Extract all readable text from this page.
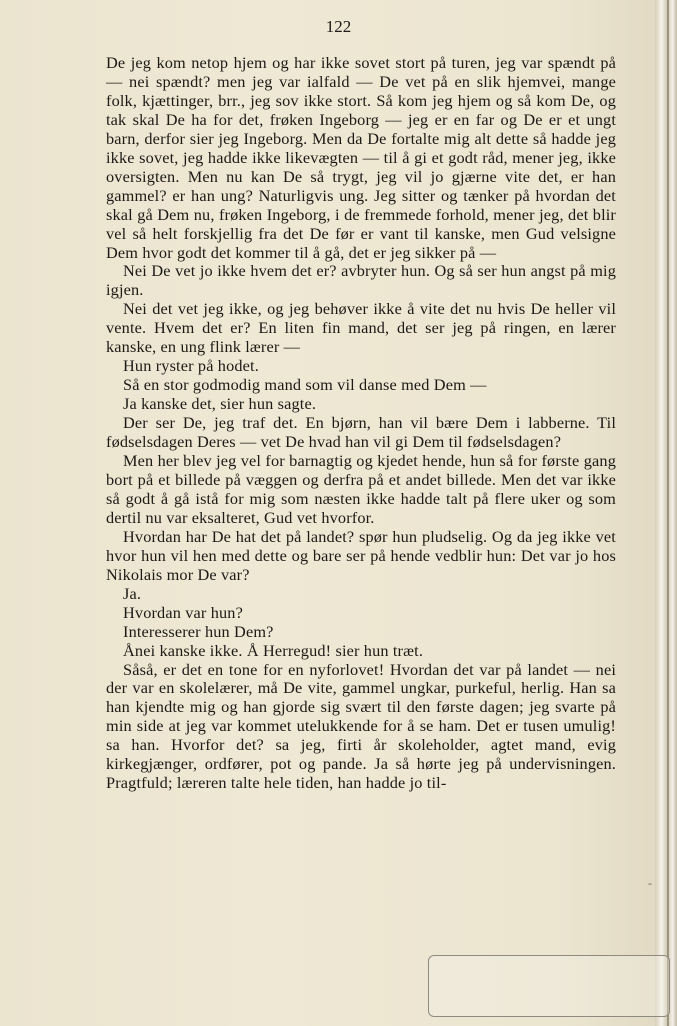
122

De jeg kom netop hjem og har ikke sovet stort på turen, jeg var spændt på — nei spændt? men jeg var ialfald — De vet på en slik hjemvei, mange folk, kjættinger, brr., jeg sov ikke stort. Så kom jeg hjem og så kom De, og tak skal De ha for det, frøken Ingeborg — jeg er en far og De er et ungt barn, derfor sier jeg Ingeborg. Men da De fortalte mig alt dette så hadde jeg ikke sovet, jeg hadde ikke likevægten — til å gi et godt råd, mener jeg, ikke oversigten. Men nu kan De så trygt, jeg vil jo gjærne vite det, er han gammel? er han ung? Naturligvis ung. Jeg sitter og tænker på hvordan det skal gå Dem nu, frøken Ingeborg, i de fremmede forhold, mener jeg, det blir vel så helt forskjellig fra det De før er vant til kanske, men Gud velsigne Dem hvor godt det kommer til å gå, det er jeg sikker på —

Nei De vet jo ikke hvem det er? avbryter hun. Og så ser hun angst på mig igjen.

Nei det vet jeg ikke, og jeg behøver ikke å vite det nu hvis De heller vil vente. Hvem det er? En liten fin mand, det ser jeg på ringen, en lærer kanske, en ung flink lærer —

Hun ryster på hodet.

Så en stor godmodig mand som vil danse med Dem —

Ja kanske det, sier hun sagte.

Der ser De, jeg traf det. En bjørn, han vil bære Dem i labberne. Til fødselsdagen Deres — vet De hvad han vil gi Dem til fødselsdagen?

Men her blev jeg vel for barnagtig og kjedet hende, hun så for første gang bort på et billede på væggen og derfra på et andet billede. Men det var ikke så godt å gå istå for mig som næsten ikke hadde talt på flere uker og som dertil nu var eksalteret, Gud vet hvorfor.

Hvordan har De hat det på landet? spør hun pludselig. Og da jeg ikke vet hvor hun vil hen med dette og bare ser på hende vedblir hun: Det var jo hos Nikolais mor De var?

Ja.

Hvordan var hun?

Interesserer hun Dem?

Ånei kanske ikke. Å Herregud! sier hun træt.

Såså, er det en tone for en nyforlovet! Hvordan det var på landet — nei der var en skolelærer, må De vite, gammel ungkar, purkeful, herlig. Han sa han kjendte mig og han gjorde sig svært til den første dagen; jeg svarte på min side at jeg var kommet utelukkende for å se ham. Det er tusen umulig! sa han. Hvorfor det? sa jeg, firti år skoleholder, agtet mand, evig kirkegjænger, ordfører, pot og pande. Ja så hørte jeg på undervisningen. Pragtfuld; læreren talte hele tiden, han hadde jo til-

-
